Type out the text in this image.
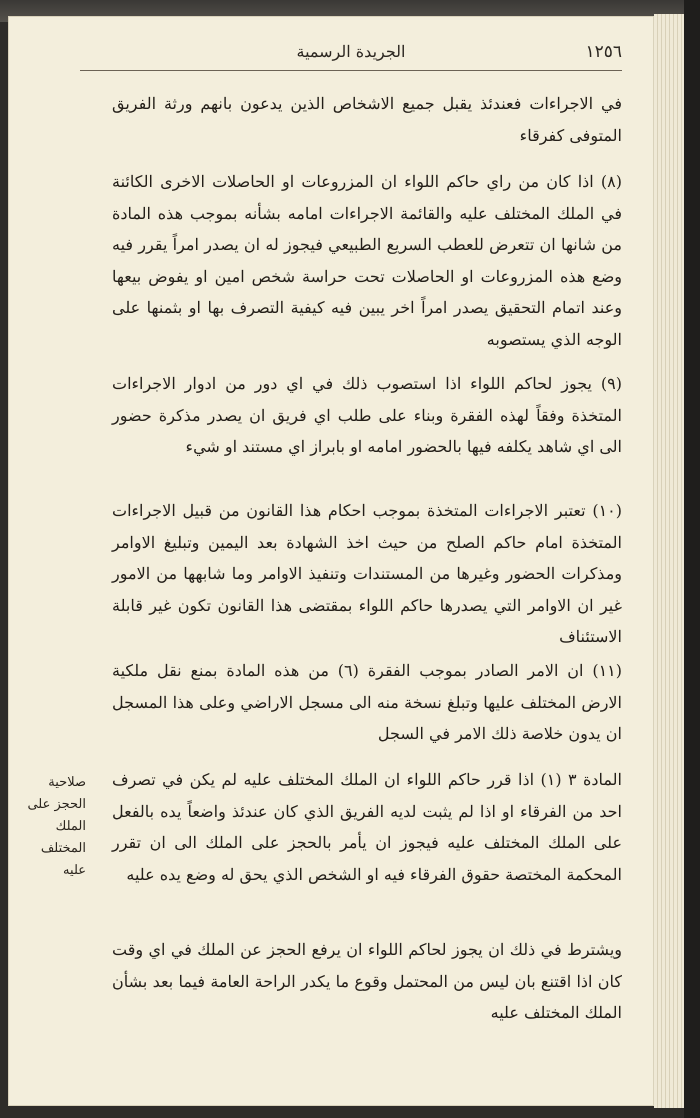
١٢٥٦
الجريدة الرسمية

في الاجراءات فعندئذ يقبل جميع الاشخاص الذين يدعون بانهم ورثة الفريق المتوفى كفرقاء

(٨) اذا كان من راي حاكم اللواء ان المزروعات او الحاصلات الاخرى الكائنة في الملك المختلف عليه والقائمة الاجراءات امامه بشأنه بموجب هذه المادة من شانها ان تتعرض للعطب السريع الطبيعي فيجوز له ان يصدر امراً يقرر فيه وضع هذه المزروعات او الحاصلات تحت حراسة شخص امين او يفوض بيعها وعند اتمام التحقيق يصدر امراً اخر يبين فيه كيفية التصرف بها او بثمنها على الوجه الذي يستصوبه

(٩) يجوز لحاكم اللواء اذا استصوب ذلك في اي دور من ادوار الاجراءات المتخذة وفقاً لهذه الفقرة وبناء على طلب اي فريق ان يصدر مذكرة حضور الى اي شاهد يكلفه فيها بالحضور امامه او بابراز اي مستند او شيء

(١٠) تعتبر الاجراءات المتخذة بموجب احكام هذا القانون من قبيل الاجراءات المتخذة امام حاكم الصلح من حيث اخذ الشهادة بعد اليمين وتبليغ الاوامر ومذكرات الحضور وغيرها من المستندات وتنفيذ الاوامر وما شابهها من الامور غير ان الاوامر التي يصدرها حاكم اللواء بمقتضى هذا القانون تكون غير قابلة الاستئناف

(١١) ان الامر الصادر بموجب الفقرة (٦) من هذه المادة بمنع نقل ملكية الارض المختلف عليها وتبلغ نسخة منه الى مسجل الاراضي وعلى هذا المسجل ان يدون خلاصة ذلك الامر في السجل

المادة ٣ (١) اذا قرر حاكم اللواء ان الملك المختلف عليه لم يكن في تصرف احد من الفرقاء او اذا لم يثبت لديه الفريق الذي كان عندئذ واضعاً يده بالفعل على الملك المختلف عليه فيجوز ان يأمر بالحجز على الملك الى ان تقرر المحكمة المختصة حقوق الفرقاء فيه او الشخص الذي يحق له وضع يده عليه

صلاحية الحجز على الملك المختلف عليه

ويشترط في ذلك ان يجوز لحاكم اللواء ان يرفع الحجز عن الملك في اي وقت كان اذا اقتنع بان ليس من المحتمل وقوع ما يكدر الراحة العامة فيما بعد بشأن الملك المختلف عليه
